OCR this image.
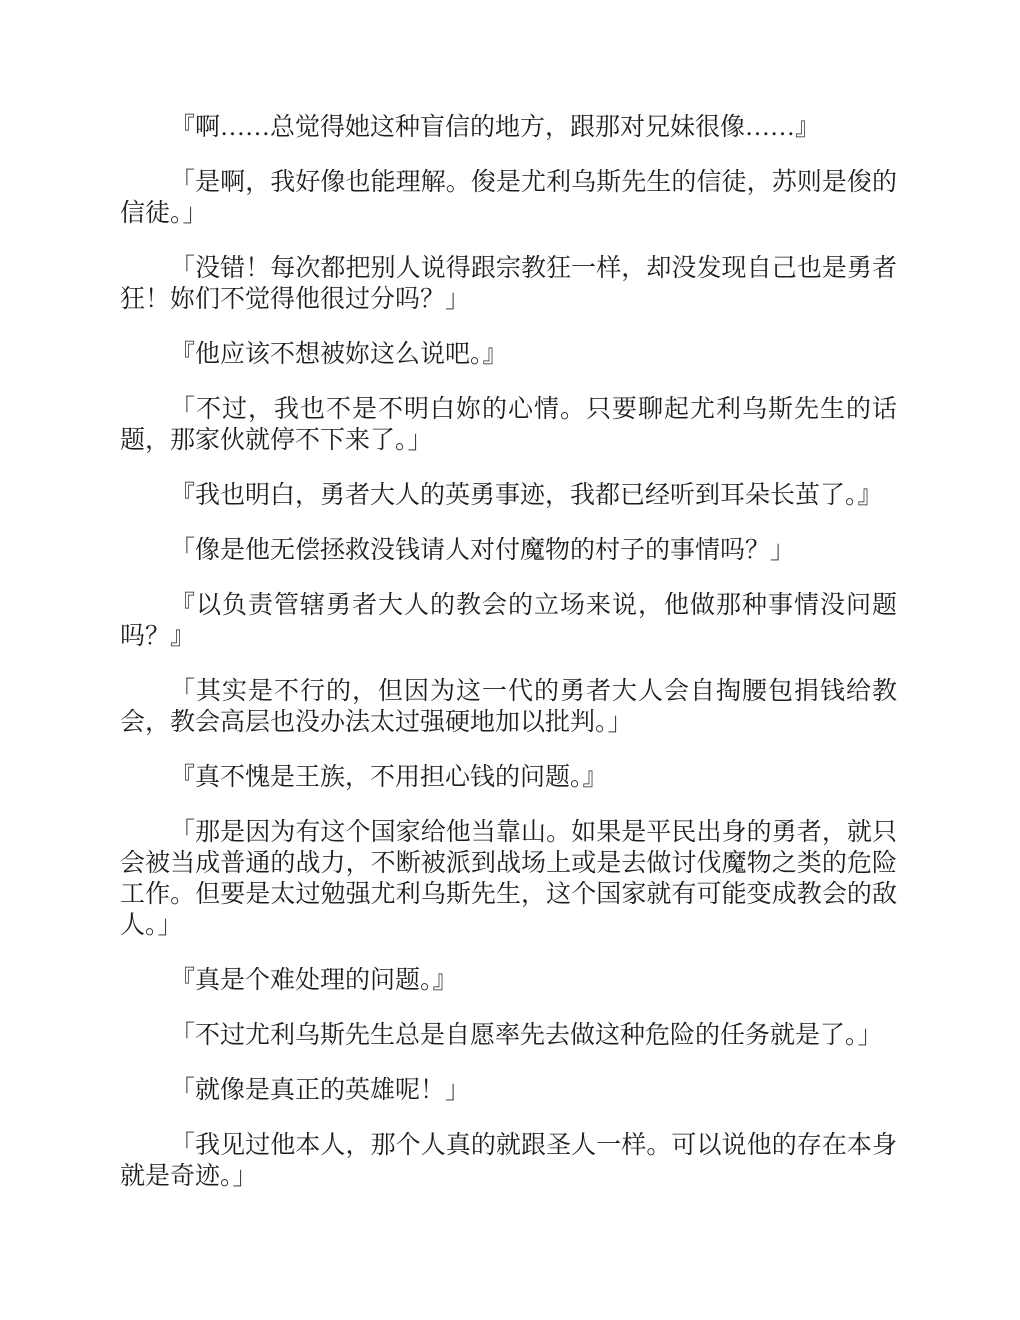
『啊……总觉得她这种盲信的地方，跟那对兄妹很像……』

「是啊，我好像也能理解。俊是尤利乌斯先生的信徒，苏则是俊的信徒。」

「没错！每次都把别人说得跟宗教狂一样，却没发现自己也是勇者狂！妳们不觉得他很过分吗？」

『他应该不想被妳这么说吧。』

「不过，我也不是不明白妳的心情。只要聊起尤利乌斯先生的话题，那家伙就停不下来了。」

『我也明白，勇者大人的英勇事迹，我都已经听到耳朵长茧了。』

「像是他无偿拯救没钱请人对付魔物的村子的事情吗？」

『以负责管辖勇者大人的教会的立场来说，他做那种事情没问题吗？』

「其实是不行的，但因为这一代的勇者大人会自掏腰包捐钱给教会，教会高层也没办法太过强硬地加以批判。」

『真不愧是王族，不用担心钱的问题。』

「那是因为有这个国家给他当靠山。如果是平民出身的勇者，就只会被当成普通的战力，不断被派到战场上或是去做讨伐魔物之类的危险工作。但要是太过勉强尤利乌斯先生，这个国家就有可能变成教会的敌人。」

『真是个难处理的问题。』

「不过尤利乌斯先生总是自愿率先去做这种危险的任务就是了。」

「就像是真正的英雄呢！」

「我见过他本人，那个人真的就跟圣人一样。可以说他的存在本身就是奇迹。」
